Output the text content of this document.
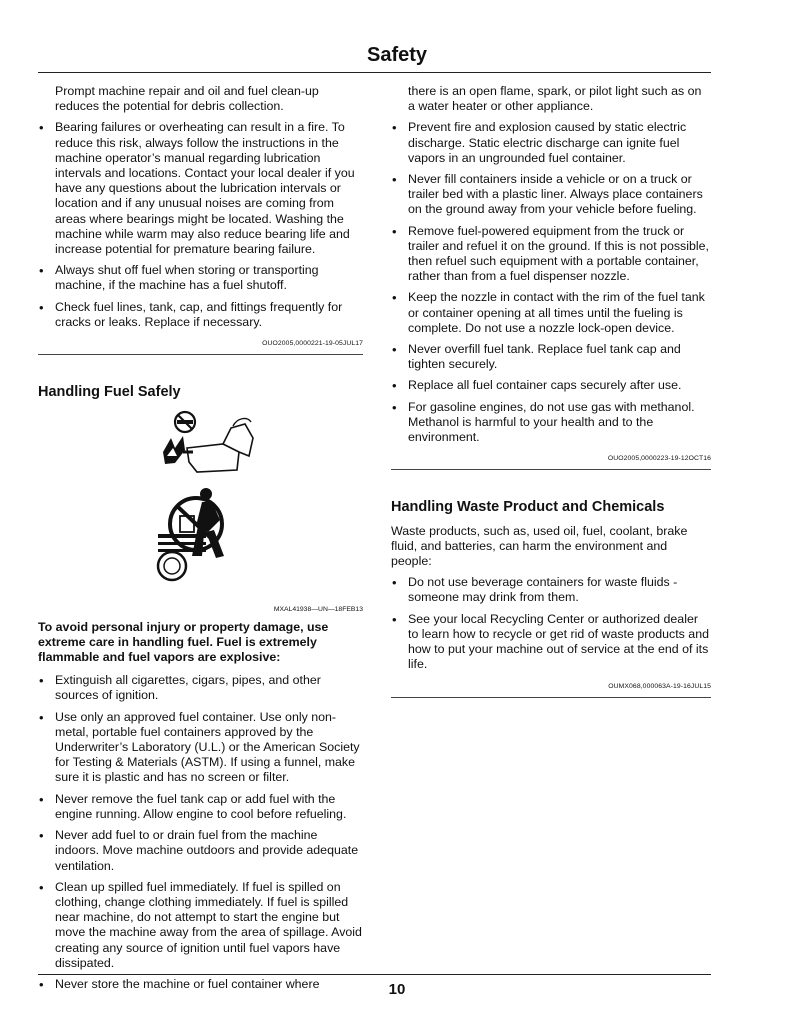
Safety

Prompt machine repair and oil and fuel clean-up reduces the potential for debris collection.

• Bearing failures or overheating can result in a fire. To reduce this risk, always follow the instructions in the machine operator’s manual regarding lubrication intervals and locations. Contact your local dealer if you have any questions about the lubrication intervals or location and if any unusual noises are coming from areas where bearings might be located. Washing the machine while warm may also reduce bearing life and increase potential for premature bearing failure.
• Always shut off fuel when storing or transporting machine, if the machine has a fuel shutoff.
• Check fuel lines, tank, cap, and fittings frequently for cracks or leaks. Replace if necessary.
OUO2005,0000221-19-05JUL17
Handling Fuel Safely
MXAL41938—UN—18FEB13
To avoid personal injury or property damage, use extreme care in handling fuel. Fuel is extremely flammable and fuel vapors are explosive:
• Extinguish all cigarettes, cigars, pipes, and other sources of ignition.
• Use only an approved fuel container. Use only non-metal, portable fuel containers approved by the Underwriter’s Laboratory (U.L.) or the American Society for Testing & Materials (ASTM). If using a funnel, make sure it is plastic and has no screen or filter.
• Never remove the fuel tank cap or add fuel with the engine running. Allow engine to cool before refueling.
• Never add fuel to or drain fuel from the machine indoors. Move machine outdoors and provide adequate ventilation.
• Clean up spilled fuel immediately. If fuel is spilled on clothing, change clothing immediately. If fuel is spilled near machine, do not attempt to start the engine but move the machine away from the area of spillage. Avoid creating any source of ignition until fuel vapors have dissipated.
• Never store the machine or fuel container where

there is an open flame, spark, or pilot light such as on a water heater or other appliance.

• Prevent fire and explosion caused by static electric discharge. Static electric discharge can ignite fuel vapors in an ungrounded fuel container.
• Never fill containers inside a vehicle or on a truck or trailer bed with a plastic liner. Always place containers on the ground away from your vehicle before fueling.
• Remove fuel-powered equipment from the truck or trailer and refuel it on the ground. If this is not possible, then refuel such equipment with a portable container, rather than from a fuel dispenser nozzle.
• Keep the nozzle in contact with the rim of the fuel tank or container opening at all times until the fueling is complete. Do not use a nozzle lock-open device.
• Never overfill fuel tank. Replace fuel tank cap and tighten securely.
• Replace all fuel container caps securely after use.
• For gasoline engines, do not use gas with methanol. Methanol is harmful to your health and to the environment.
OUO2005,0000223-19-12OCT16
Handling Waste Product and Chemicals

Waste products, such as, used oil, fuel, coolant, brake fluid, and batteries, can harm the environment and people:

• Do not use beverage containers for waste fluids - someone may drink from them.
• See your local Recycling Center or authorized dealer to learn how to recycle or get rid of waste products and how to put your machine out of service at the end of its life.
OUMX068,000063A-19-16JUL15
10
